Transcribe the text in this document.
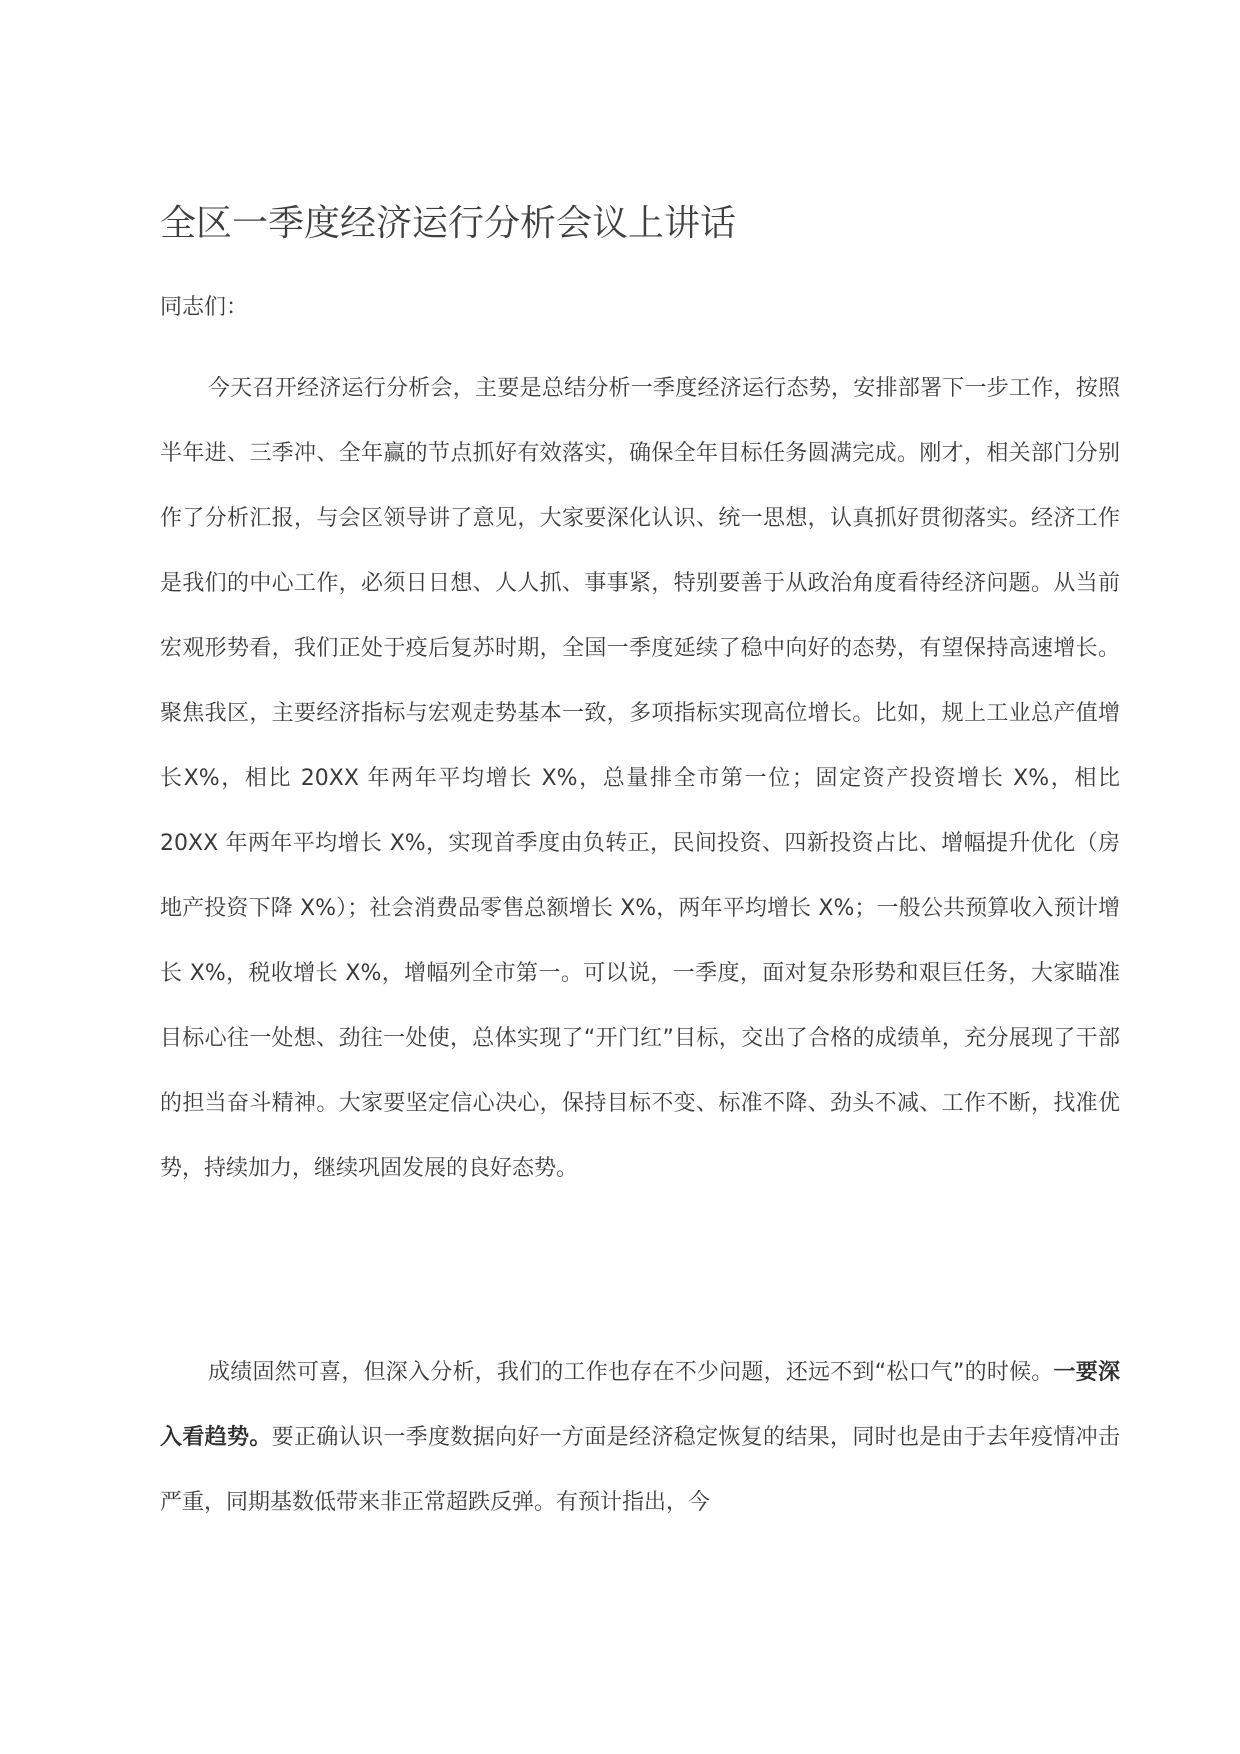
全区一季度经济运行分析会议上讲话
同志们：

今天召开经济运行分析会，主要是总结分析一季度经济运行态势，安排部署下一步工作，按照半年进、三季冲、全年赢的节点抓好有效落实，确保全年目标任务圆满完成。刚才，相关部门分别作了分析汇报，与会区领导讲了意见，大家要深化认识、统一思想，认真抓好贯彻落实。经济工作是我们的中心工作，必须日日想、人人抓、事事紧，特别要善于从政治角度看待经济问题。从当前宏观形势看，我们正处于疫后复苏时期，全国一季度延续了稳中向好的态势，有望保持高速增长。聚焦我区，主要经济指标与宏观走势基本一致，多项指标实现高位增长。比如，规上工业总产值增长X%，相比 20XX 年两年平均增长 X%，总量排全市第一位；固定资产投资增长 X%，相比 20XX 年两年平均增长 X%，实现首季度由负转正，民间投资、四新投资占比、增幅提升优化（房地产投资下降 X%）；社会消费品零售总额增长 X%，两年平均增长 X%；一般公共预算收入预计增长 X%，税收增长 X%，增幅列全市第一。可以说，一季度，面对复杂形势和艰巨任务，大家瞄准目标心往一处想、劲往一处使，总体实现了“开门红”目标，交出了合格的成绩单，充分展现了干部的担当奋斗精神。大家要坚定信心决心，保持目标不变、标准不降、劲头不减、工作不断，找准优势，持续加力，继续巩固发展的良好态势。

成绩固然可喜，但深入分析，我们的工作也存在不少问题，还远不到“松口气”的时候。一要深入看趋势。要正确认识一季度数据向好一方面是经济稳定恢复的结果，同时也是由于去年疫情冲击严重，同期基数低带来非正常超跌反弹。有预计指出，今
